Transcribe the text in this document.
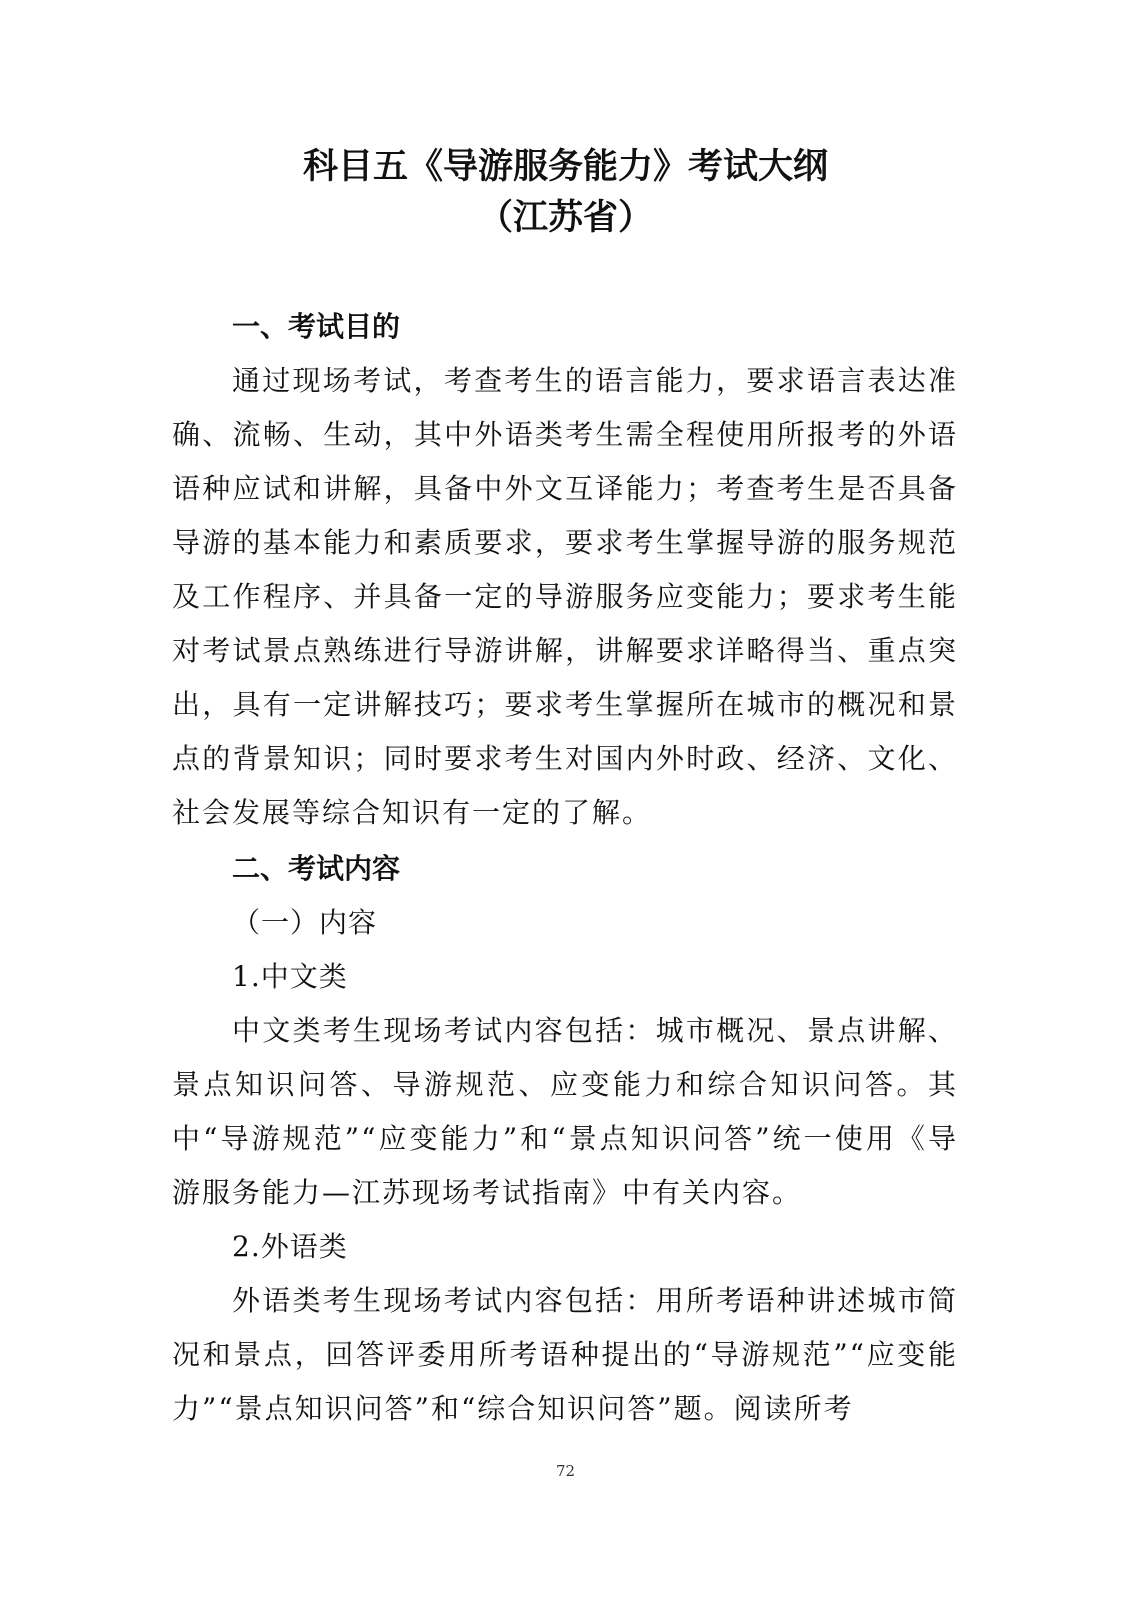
科目五《导游服务能力》考试大纲
（江苏省）

一、考试目的

通过现场考试，考查考生的语言能力，要求语言表达准确、流畅、生动，其中外语类考生需全程使用所报考的外语语种应试和讲解，具备中外文互译能力；考查考生是否具备导游的基本能力和素质要求，要求考生掌握导游的服务规范及工作程序、并具备一定的导游服务应变能力；要求考生能对考试景点熟练进行导游讲解，讲解要求详略得当、重点突出，具有一定讲解技巧；要求考生掌握所在城市的概况和景点的背景知识；同时要求考生对国内外时政、经济、文化、社会发展等综合知识有一定的了解。

二、考试内容

（一）内容

1.中文类

中文类考生现场考试内容包括：城市概况、景点讲解、景点知识问答、导游规范、应变能力和综合知识问答。其中“导游规范”“应变能力”和“景点知识问答”统一使用《导游服务能力—江苏现场考试指南》中有关内容。

2.外语类

外语类考生现场考试内容包括：用所考语种讲述城市简况和景点，回答评委用所考语种提出的“导游规范”“应变能力”“景点知识问答”和“综合知识问答”题。阅读所考

72
